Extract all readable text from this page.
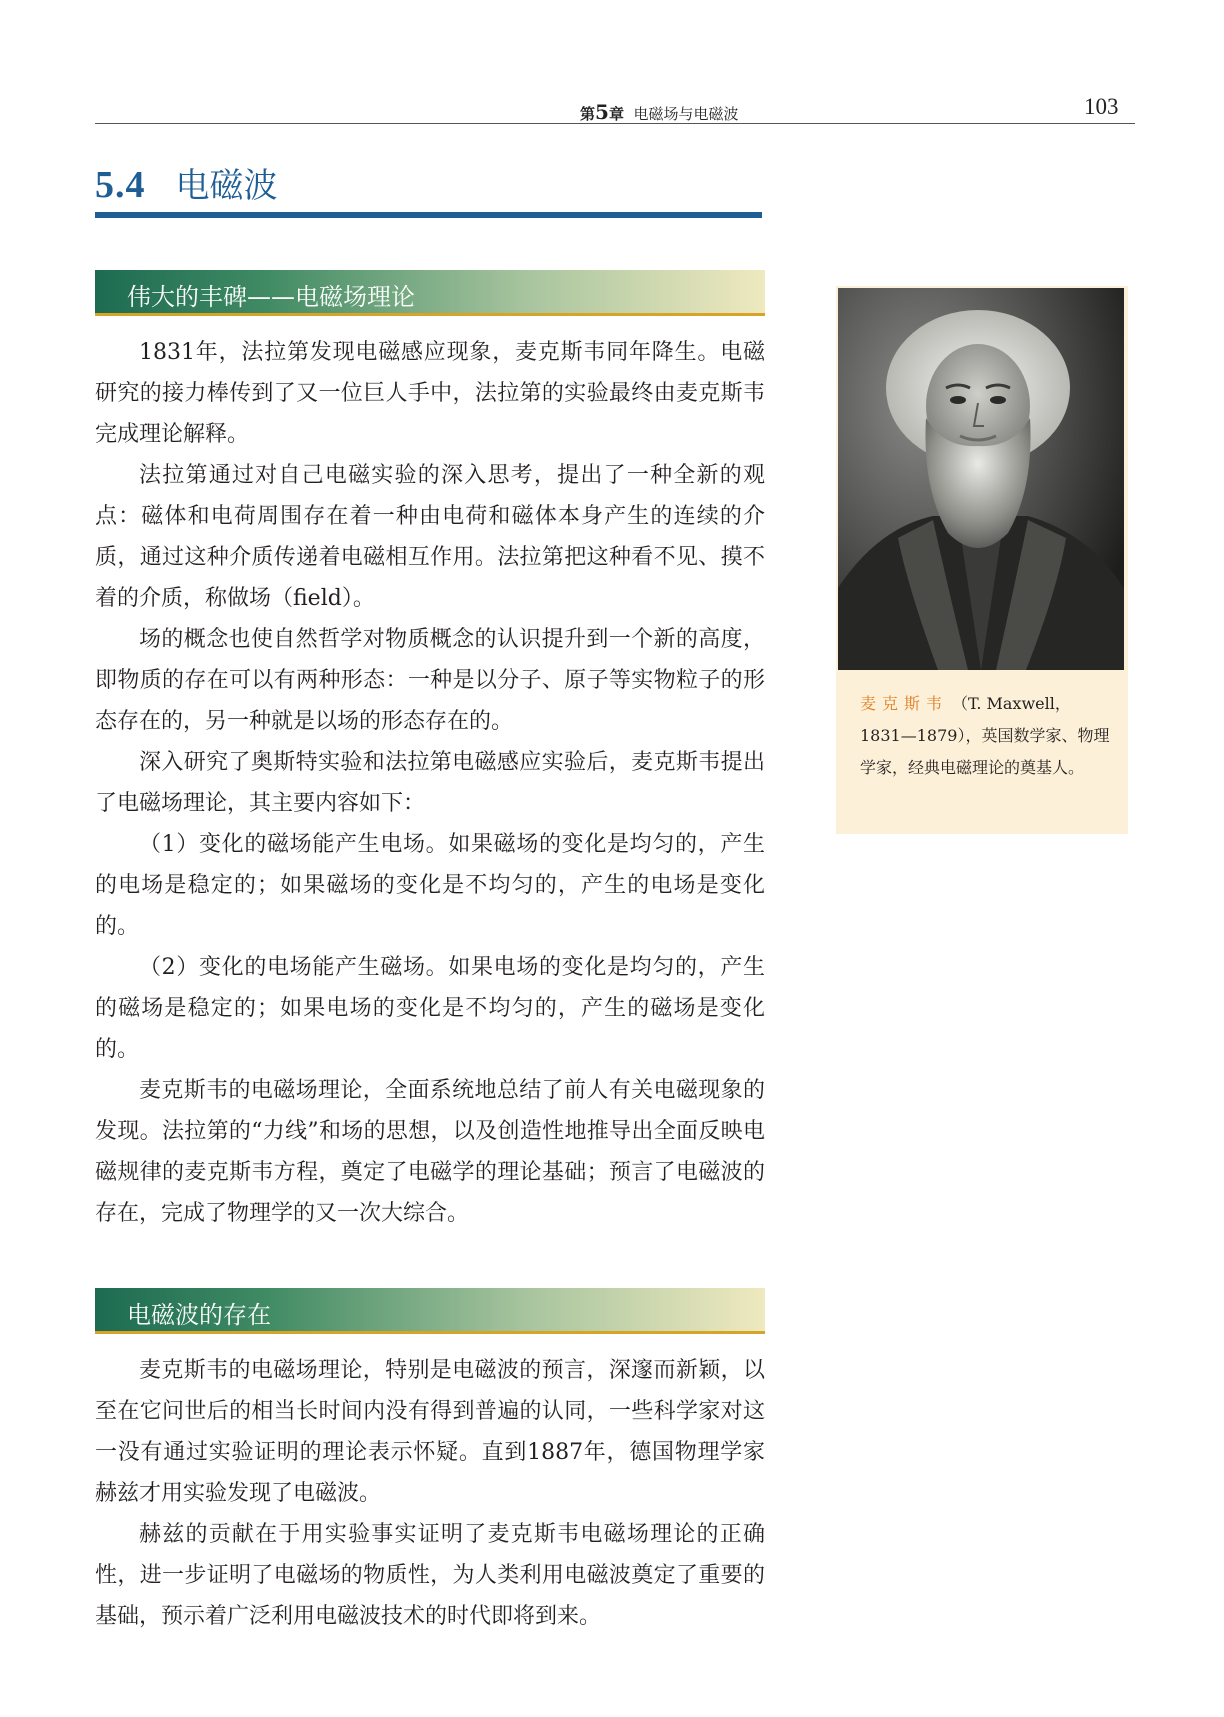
第5章 电磁场与电磁波	103
5.4 电磁波
伟大的丰碑——电磁场理论

1831年，法拉第发现电磁感应现象，麦克斯韦同年降生。电磁研究的接力棒传到了又一位巨人手中，法拉第的实验最终由麦克斯韦完成理论解释。

法拉第通过对自己电磁实验的深入思考，提出了一种全新的观点：磁体和电荷周围存在着一种由电荷和磁体本身产生的连续的介质，通过这种介质传递着电磁相互作用。法拉第把这种看不见、摸不着的介质，称做场（field）。

场的概念也使自然哲学对物质概念的认识提升到一个新的高度，即物质的存在可以有两种形态：一种是以分子、原子等实物粒子的形态存在的，另一种就是以场的形态存在的。

深入研究了奥斯特实验和法拉第电磁感应实验后，麦克斯韦提出了电磁场理论，其主要内容如下：

（1）变化的磁场能产生电场。如果磁场的变化是均匀的，产生的电场是稳定的；如果磁场的变化是不均匀的，产生的电场是变化的。

（2）变化的电场能产生磁场。如果电场的变化是均匀的，产生的磁场是稳定的；如果电场的变化是不均匀的，产生的磁场是变化的。

麦克斯韦的电磁场理论，全面系统地总结了前人有关电磁现象的发现。法拉第的“力线”和场的思想，以及创造性地推导出全面反映电磁规律的麦克斯韦方程，奠定了电磁学的理论基础；预言了电磁波的存在，完成了物理学的又一次大综合。

电磁波的存在

麦克斯韦的电磁场理论，特别是电磁波的预言，深邃而新颖，以至在它问世后的相当长时间内没有得到普遍的认同，一些科学家对这一没有通过实验证明的理论表示怀疑。直到1887年，德国物理学家赫兹才用实验发现了电磁波。

赫兹的贡献在于用实验事实证明了麦克斯韦电磁场理论的正确性，进一步证明了电磁场的物质性，为人类利用电磁波奠定了重要的基础，预示着广泛利用电磁波技术的时代即将到来。

麦克斯韦 （T. Maxwell，1831—1879），英国数学家、物理学家，经典电磁理论的奠基人。
